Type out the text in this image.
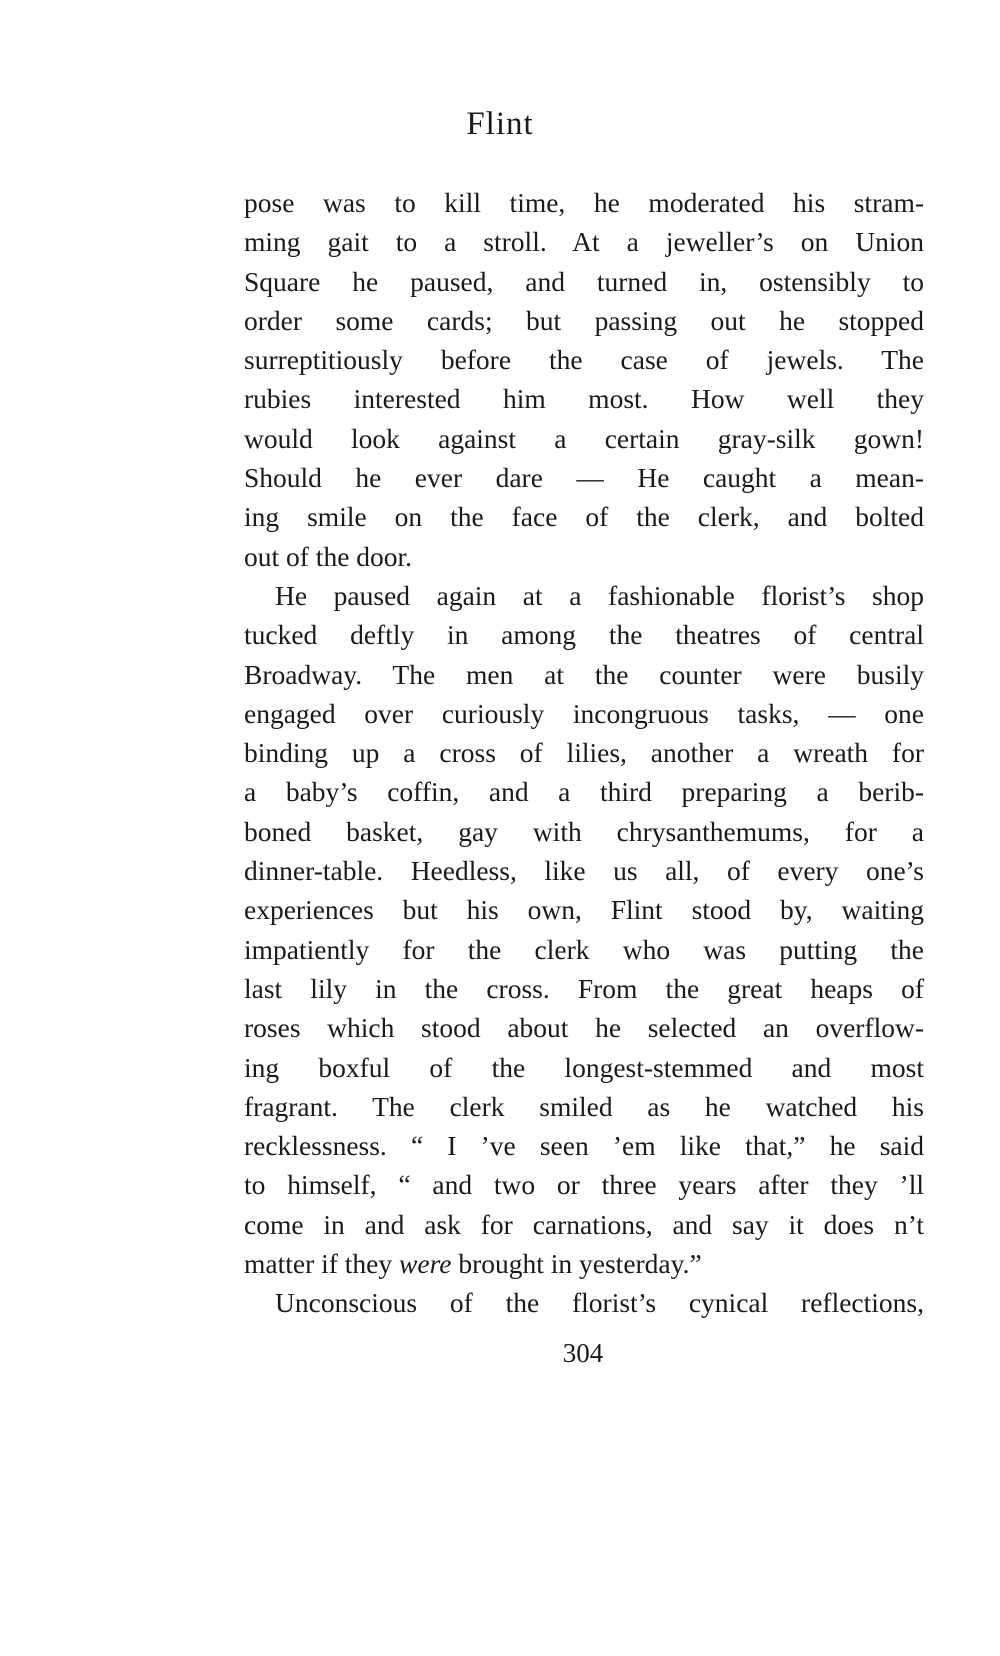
Flint
pose was to kill time, he moderated his stram-
ming gait to a stroll. At a jeweller’s on Union
Square he paused, and turned in, ostensibly to
order some cards; but passing out he stopped
surreptitiously before the case of jewels. The
rubies interested him most. How well they
would look against a certain gray-silk gown!
Should he ever dare — He caught a mean-
ing smile on the face of the clerk, and bolted
out of the door.
He paused again at a fashionable florist’s shop
tucked deftly in among the theatres of central
Broadway. The men at the counter were busily
engaged over curiously incongruous tasks, — one
binding up a cross of lilies, another a wreath for
a baby’s coffin, and a third preparing a berib-
boned basket, gay with chrysanthemums, for a
dinner-table. Heedless, like us all, of every one’s
experiences but his own, Flint stood by, waiting
impatiently for the clerk who was putting the
last lily in the cross. From the great heaps of
roses which stood about he selected an overflow-
ing boxful of the longest-stemmed and most
fragrant. The clerk smiled as he watched his
recklessness. “ I ’ve seen ’em like that,” he said
to himself, “ and two or three years after they ’ll
come in and ask for carnations, and say it does n’t
matter if they were brought in yesterday.”
Unconscious of the florist’s cynical reflections,
304
